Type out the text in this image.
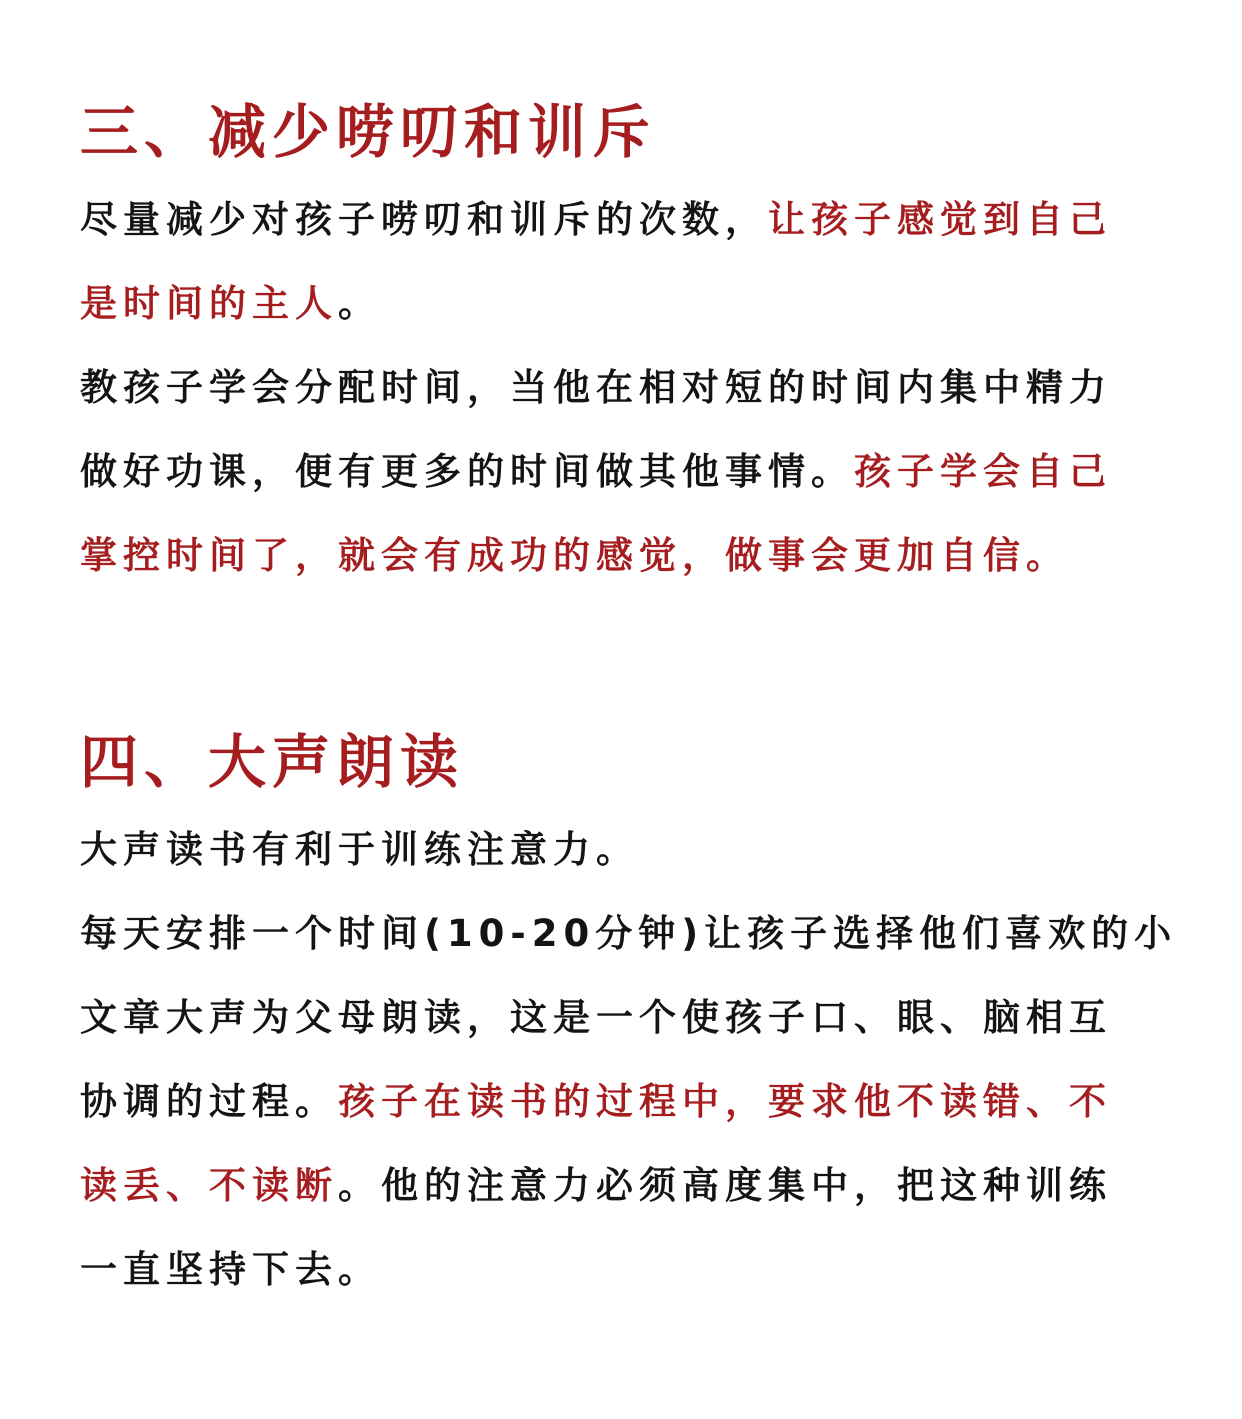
三、减少唠叨和训斥

尽量减少对孩子唠叨和训斥的次数，让孩子感觉到自己
是时间的主人。

教孩子学会分配时间，当他在相对短的时间内集中精力
做好功课，便有更多的时间做其他事情。孩子学会自己
掌控时间了，就会有成功的感觉，做事会更加自信。

四、大声朗读

大声读书有利于训练注意力。

每天安排一个时间(10-20分钟)让孩子选择他们喜欢的小
文章大声为父母朗读，这是一个使孩子口、眼、脑相互
协调的过程。孩子在读书的过程中，要求他不读错、不
读丢、不读断。他的注意力必须高度集中，把这种训练
一直坚持下去。
